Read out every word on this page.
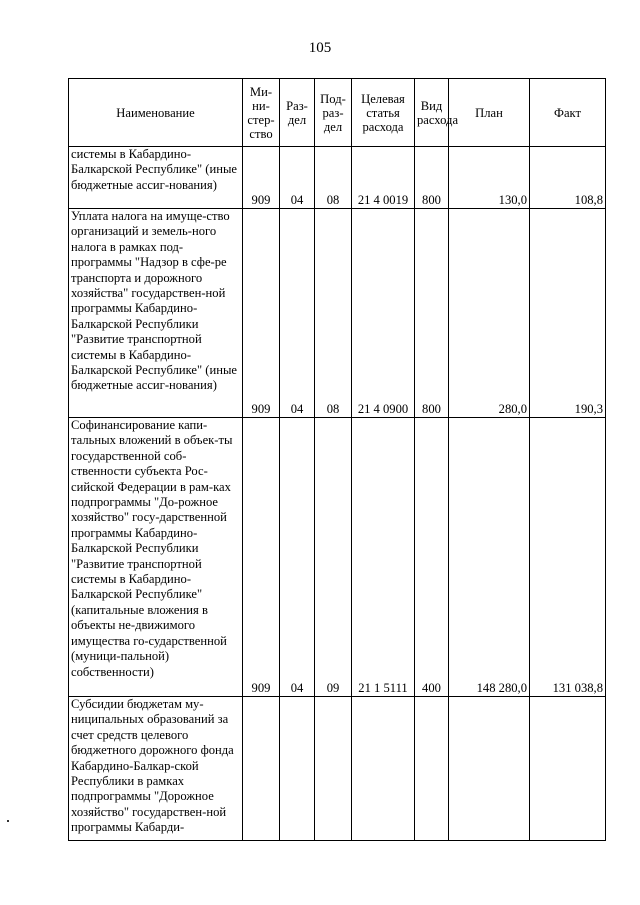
105
Наименование	Ми-ни-стер-ство	Раз-дел	Под-раз-дел	Целевая статья расхода	Вид расхода	План	Факт
системы в Кабардино-Балкарской Республике" (иные бюджетные ассиг-нования)	909	04	08	21 4 0019	800	130,0	108,8
Уплата налога на имуще-ство организаций и земель-ного налога в рамках под-программы "Надзор в сфе-ре транспорта и дорожного хозяйства" государствен-ной программы Кабардино-Балкарской Республики "Развитие транспортной системы в Кабардино-Балкарской Республике" (иные бюджетные ассиг-нования)	909	04	08	21 4 0900	800	280,0	190,3
Софинансирование капи-тальных вложений в объек-ты государственной соб-ственности субъекта Рос-сийской Федерации в рам-ках подпрограммы "До-рожное хозяйство" госу-дарственной программы Кабардино-Балкарской Республики "Развитие транспортной системы в Кабардино-Балкарской Республике" (капитальные вложения в объекты не-движимого имущества го-сударственной (муници-пальной) собственности)	909	04	09	21 1 5111	400	148 280,0	131 038,8
Субсидии бюджетам му-ниципальных образований за счет средств целевого бюджетного дорожного фонда Кабардино-Балкар-ской Республики в рамках подпрограммы "Дорожное хозяйство" государствен-ной программы Кабарди-							
